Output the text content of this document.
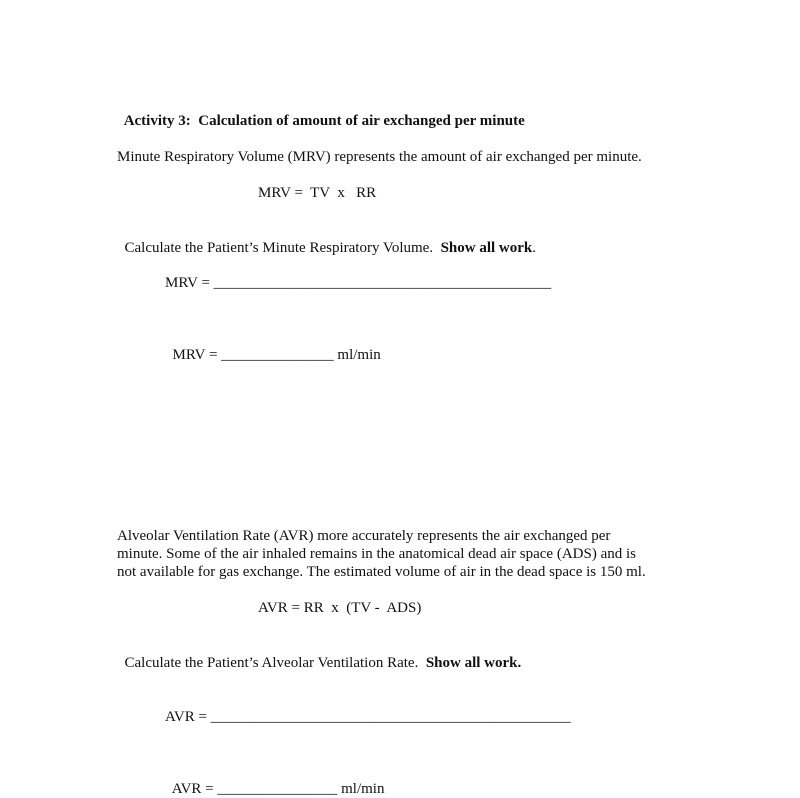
Activity 3: Calculation of amount of air exchanged per minute

Minute Respiratory Volume (MRV) represents the amount of air exchanged per minute.
MRV =  TV  x   RR

Calculate the Patient’s Minute Respiratory Volume.  Show all work.

MRV = _____________________________________________

MRV = _______________ ml/min

Alveolar Ventilation Rate (AVR) more accurately represents the air exchanged per
minute. Some of the air inhaled remains in the anatomical dead air space (ADS) and is
not available for gas exchange. The estimated volume of air in the dead space is 150 ml.
AVR = RR  x  (TV -  ADS)

Calculate the Patient’s Alveolar Ventilation Rate.  Show all work.

AVR = ________________________________________________

AVR = ________________ ml/min
